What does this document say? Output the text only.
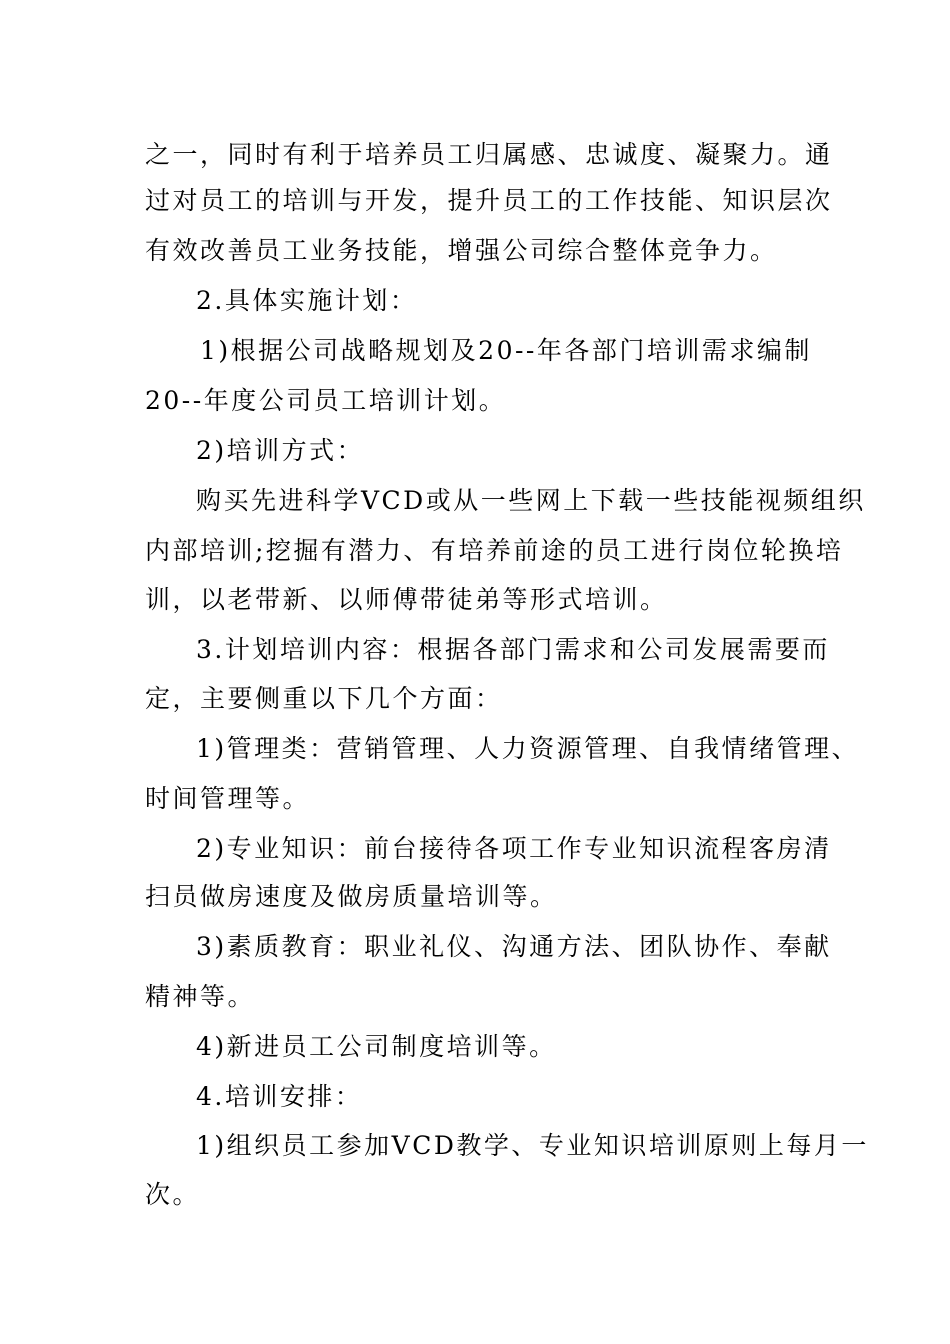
之一，同时有利于培养员工归属感、忠诚度、凝聚力。通
过对员工的培训与开发，提升员工的工作技能、知识层次
有效改善员工业务技能，增强公司综合整体竞争力。
2.具体实施计划：
1)根据公司战略规划及20--年各部门培训需求编制
20--年度公司员工培训计划。
2)培训方式：
购买先进科学VCD或从一些网上下载一些技能视频组织
内部培训;挖掘有潜力、有培养前途的员工进行岗位轮换培
训，以老带新、以师傅带徒弟等形式培训。
3.计划培训内容：根据各部门需求和公司发展需要而
定，主要侧重以下几个方面：
1)管理类：营销管理、人力资源管理、自我情绪管理、
时间管理等。
2)专业知识：前台接待各项工作专业知识流程客房清
扫员做房速度及做房质量培训等。
3)素质教育：职业礼仪、沟通方法、团队协作、奉献
精神等。
4)新进员工公司制度培训等。
4.培训安排：
1)组织员工参加VCD教学、专业知识培训原则上每月一
次。
